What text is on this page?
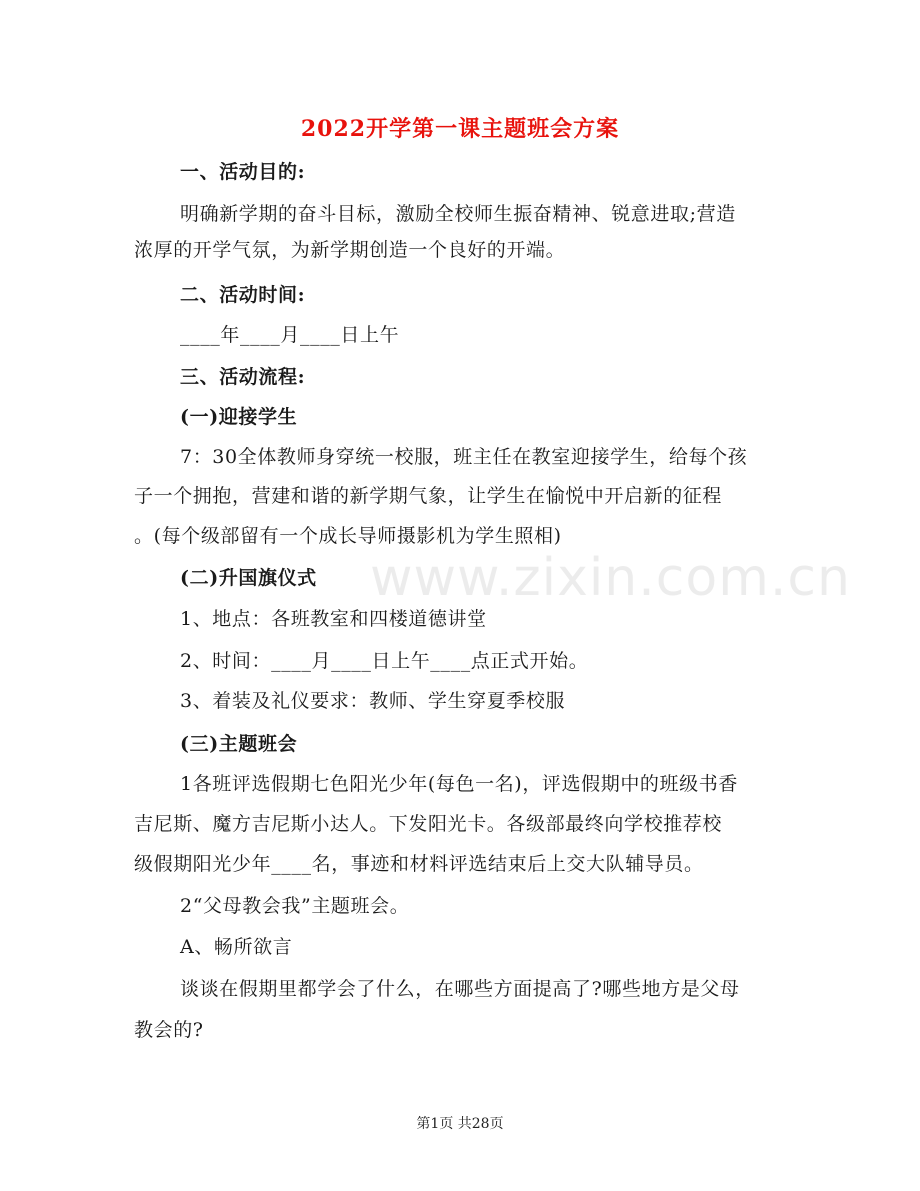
www.zixin.com.cn
2022开学第一课主题班会方案
一、活动目的:
明确新学期的奋斗目标，激励全校师生振奋精神、锐意进取;营造
浓厚的开学气氛，为新学期创造一个良好的开端。
二、活动时间:
____年____月____日上午
三、活动流程:
(一)迎接学生
7：30全体教师身穿统一校服，班主任在教室迎接学生，给每个孩
子一个拥抱，营建和谐的新学期气象，让学生在愉悦中开启新的征程
。(每个级部留有一个成长导师摄影机为学生照相)
(二)升国旗仪式
1、地点：各班教室和四楼道德讲堂
2、时间：____月____日上午____点正式开始。
3、着装及礼仪要求：教师、学生穿夏季校服
(三)主题班会
1各班评选假期七色阳光少年(每色一名)，评选假期中的班级书香
吉尼斯、魔方吉尼斯小达人。下发阳光卡。各级部最终向学校推荐校
级假期阳光少年____名，事迹和材料评选结束后上交大队辅导员。
2“父母教会我”主题班会。
A、畅所欲言
谈谈在假期里都学会了什么，在哪些方面提高了?哪些地方是父母
教会的?
第1页 共28页
